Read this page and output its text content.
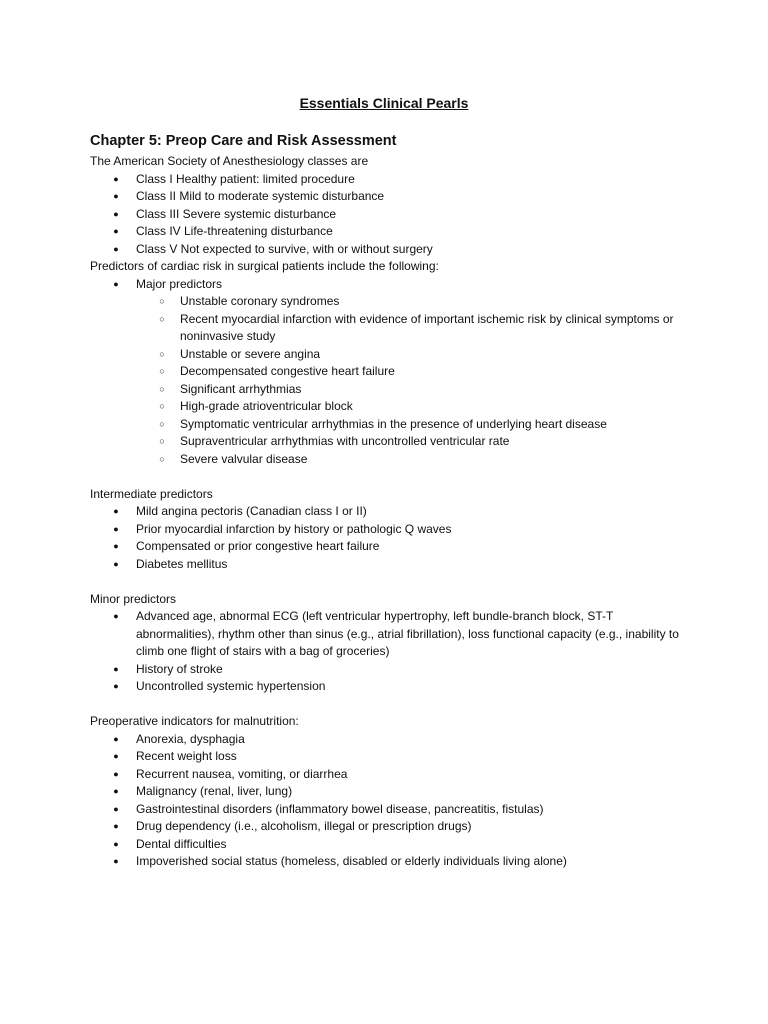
Essentials Clinical Pearls
Chapter 5: Preop Care and Risk Assessment

The American Society of Anesthesiology classes are

● Class I Healthy patient: limited procedure
● Class II Mild to moderate systemic disturbance
● Class III Severe systemic disturbance
● Class IV Life-threatening disturbance
● Class V Not expected to survive, with or without surgery

Predictors of cardiac risk in surgical patients include the following:

● Major predictors
○ Unstable coronary syndromes
○ Recent myocardial infarction with evidence of important ischemic risk by clinical symptoms or noninvasive study
○ Unstable or severe angina
○ Decompensated congestive heart failure
○ Significant arrhythmias
○ High-grade atrioventricular block
○ Symptomatic ventricular arrhythmias in the presence of underlying heart disease
○ Supraventricular arrhythmias with uncontrolled ventricular rate
○ Severe valvular disease

Intermediate predictors

● Mild angina pectoris (Canadian class I or II)
● Prior myocardial infarction by history or pathologic Q waves
● Compensated or prior congestive heart failure
● Diabetes mellitus

Minor predictors

● Advanced age, abnormal ECG (left ventricular hypertrophy, left bundle-branch block, ST-T abnormalities), rhythm other than sinus (e.g., atrial fibrillation), loss functional capacity (e.g., inability to climb one flight of stairs with a bag of groceries)
● History of stroke
● Uncontrolled systemic hypertension

Preoperative indicators for malnutrition:

● Anorexia, dysphagia
● Recent weight loss
● Recurrent nausea, vomiting, or diarrhea
● Malignancy (renal, liver, lung)
● Gastrointestinal disorders (inflammatory bowel disease, pancreatitis, fistulas)
● Drug dependency (i.e., alcoholism, illegal or prescription drugs)
● Dental difficulties
● Impoverished social status (homeless, disabled or elderly individuals living alone)
